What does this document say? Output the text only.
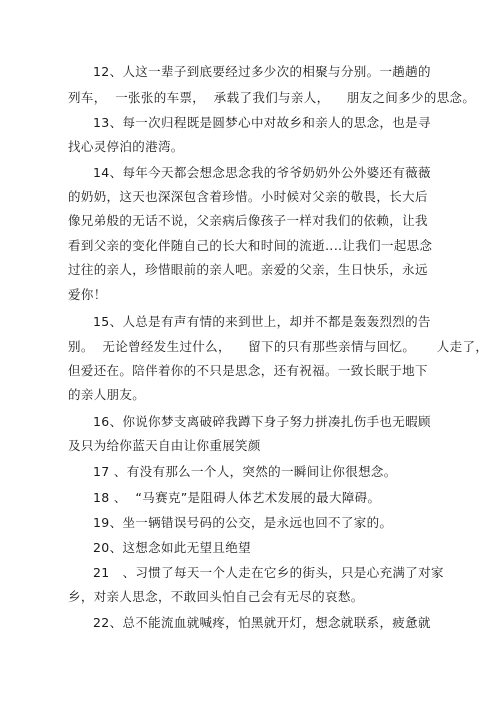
12、人这一辈子到底要经过多少次的相聚与分别。一趟趟的
列车，  一张张的车票，  承载了我们与亲人，    朋友之间多少的思念。
13、每一次归程既是圆梦心中对故乡和亲人的思念，也是寻
找心灵停泊的港湾。
14、每年今天都会想念思念我的爷爷奶奶外公外婆还有薇薇
的奶奶，这天也深深包含着珍惜。小时候对父亲的敬畏，长大后
像兄弟般的无话不说，父亲病后像孩子一样对我们的依赖，让我
看到父亲的变化伴随自己的长大和时间的流逝‥‥让我们一起思念
过往的亲人，珍惜眼前的亲人吧。亲爱的父亲，生日快乐，永远
爱你！
15、人总是有声有情的来到世上，却并不都是轰轰烈烈的告
别。  无论曾经发生过什么，    留下的只有那些亲情与回忆。     人走了，
但爱还在。陪伴着你的不只是思念，还有祝福。一致长眠于地下
的亲人朋友。
16、你说你梦支离破碎我蹲下身子努力拼凑扎伤手也无暇顾
及只为给你蓝天自由让你重展笑颜
17 、有没有那么一个人，突然的一瞬间让你很想念。
18 、  “马赛克”是阻碍人体艺术发展的最大障碍。
19、坐一辆错误号码的公交，是永远也回不了家的。
20、这想念如此无望且绝望
21   、习惯了每天一个人走在它乡的街头，只是心充满了对家
乡，对亲人思念，不敢回头怕自己会有无尽的哀愁。
22、总不能流血就喊疼，怕黑就开灯，想念就联系，疲惫就
